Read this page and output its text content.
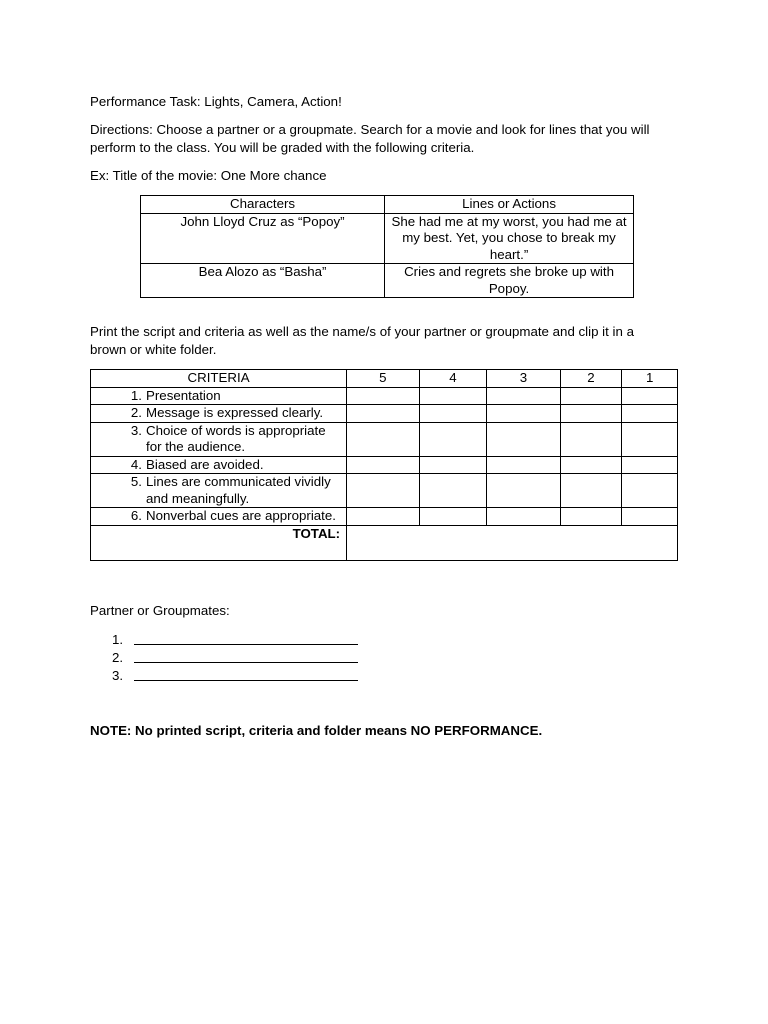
Performance Task: Lights, Camera, Action!

Directions: Choose a partner or a groupmate. Search for a movie and look for lines that you will

perform to the class. You will be graded with the following criteria.

Ex: Title of the movie: One More chance

Characters	Lines or Actions
John Lloyd Cruz as “Popoy”	She had me at my worst, you had me at my best. Yet, you chose to break my heart.”
Bea Alozo as “Basha”	Cries and regrets she broke up with Popoy.

Print the script and criteria as well as the name/s of your partner or groupmate and clip it in a

brown or white folder.

CRITERIA	5	4	3	2	1

1. Presentation					

2. Message is expressed clearly.					

3. Choice of words is appropriate for the audience.					

4. Biased are avoided.					

5. Lines are communicated vividly and meaningfully.					

6. Nonverbal cues are appropriate.					

TOTAL:					

Partner or Groupmates:

1.
2.
3.

NOTE: No printed script, criteria and folder means NO PERFORMANCE.
